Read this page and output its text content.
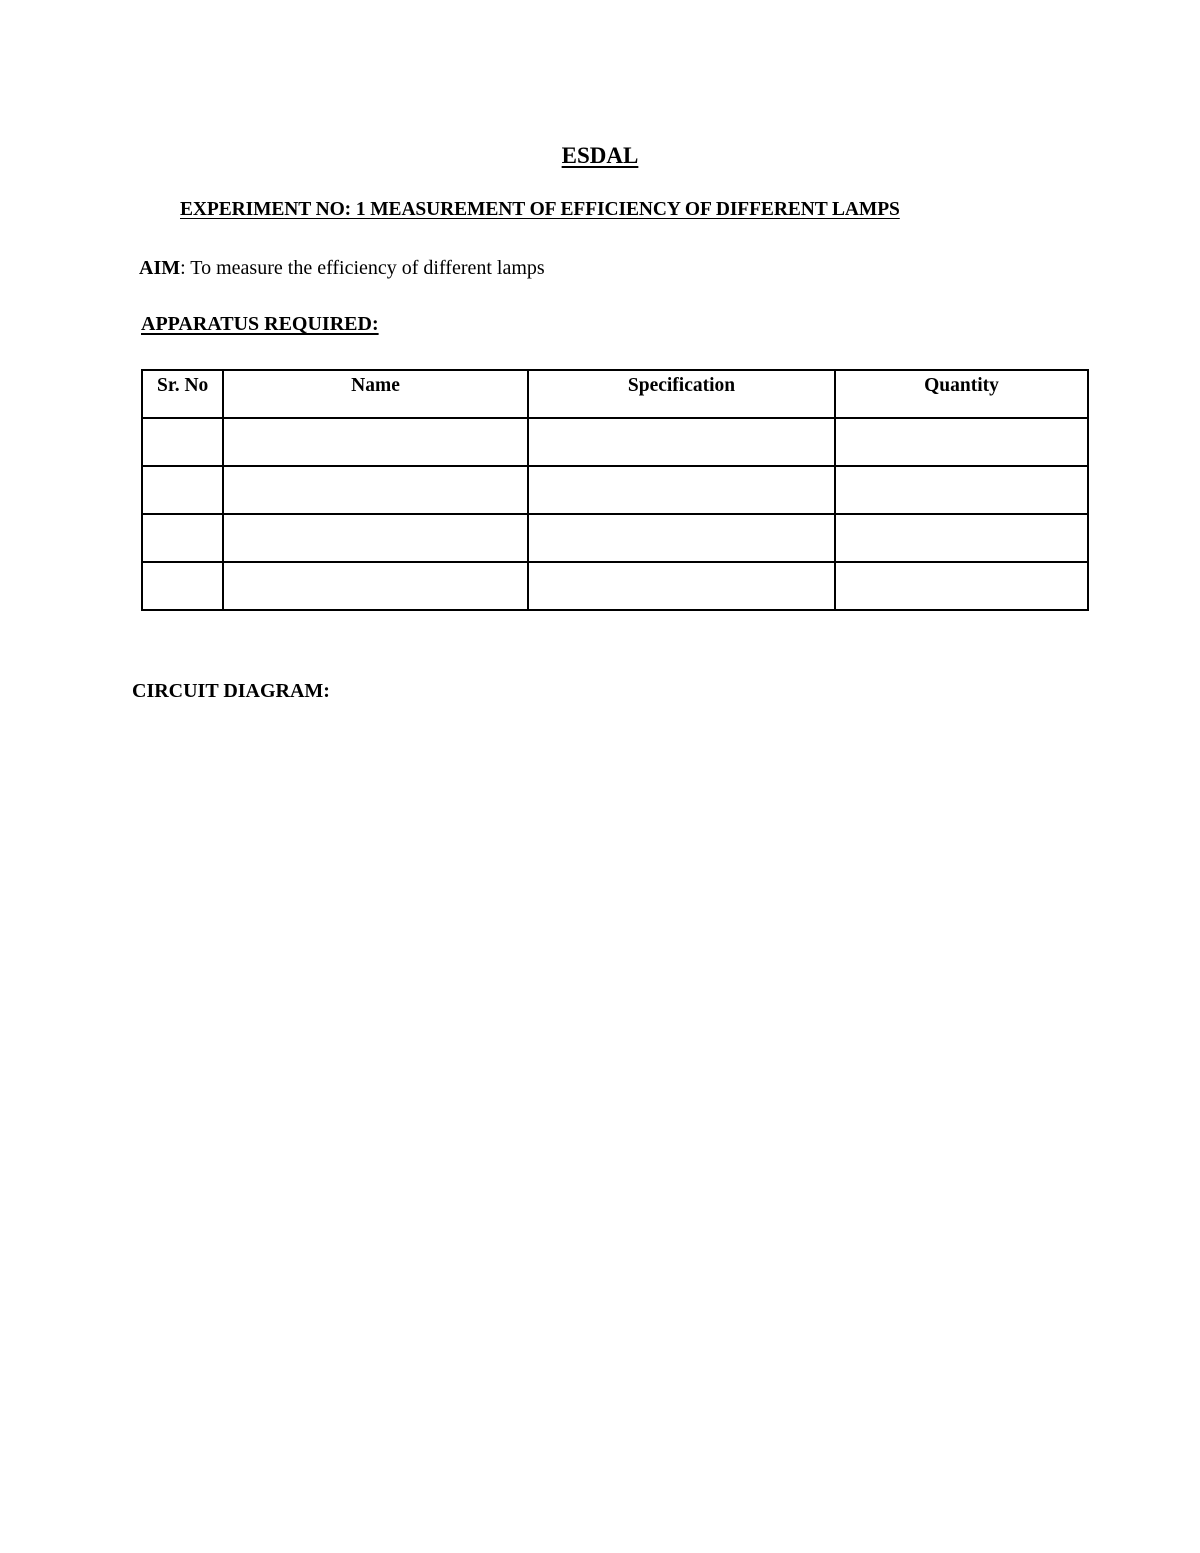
ESDAL
EXPERIMENT NO: 1 MEASUREMENT OF EFFICIENCY OF DIFFERENT LAMPS
AIM: To measure the efficiency of different lamps
APPARATUS REQUIRED:
Sr. No	Name	Specification	Quantity

CIRCUIT DIAGRAM:
